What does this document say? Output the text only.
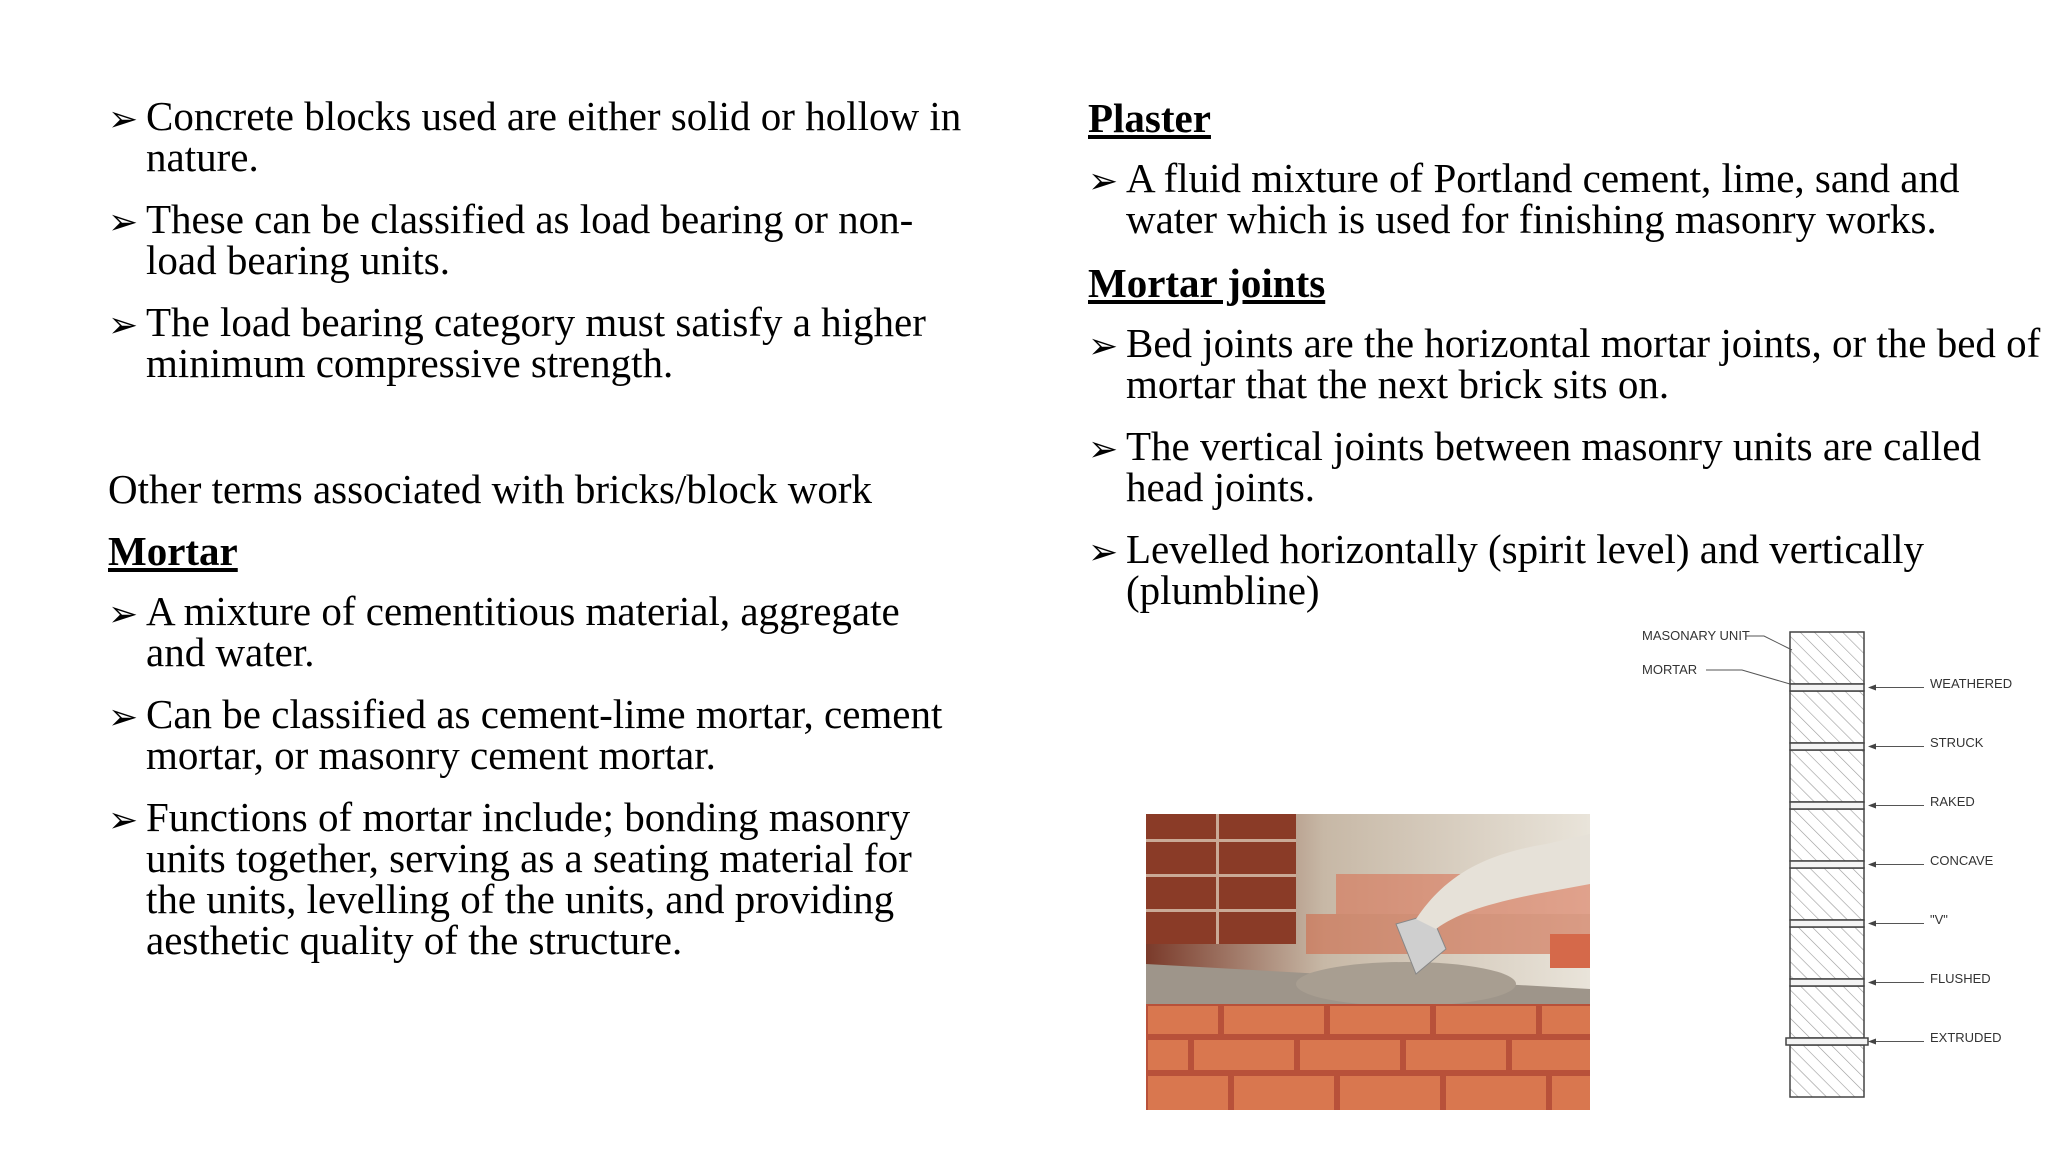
➢ Concrete blocks used are either solid or hollow in nature.
➢ These can be classified as load bearing or non-load bearing units.
➢ The load bearing category must satisfy a higher minimum compressive strength.
Other terms associated with bricks/block work
Mortar
➢ A mixture of cementitious material, aggregate and water.
➢ Can be classified as cement-lime mortar, cement mortar, or masonry cement mortar.
➢ Functions of mortar include; bonding masonry units together, serving as a seating material for the units, levelling of the units, and providing aesthetic quality of the structure.
Plaster
➢ A fluid mixture of Portland cement, lime, sand and water which is used for finishing masonry works.
Mortar joints
➢ Bed joints are the horizontal mortar joints, or the bed of mortar that the next brick sits on.
➢ The vertical joints between masonry units are called head joints.
➢ Levelled horizontally (spirit level) and vertically (plumbline)
MASONARY UNIT
MORTAR
WEATHERED
STRUCK
RAKED
CONCAVE
"V"
FLUSHED
EXTRUDED
